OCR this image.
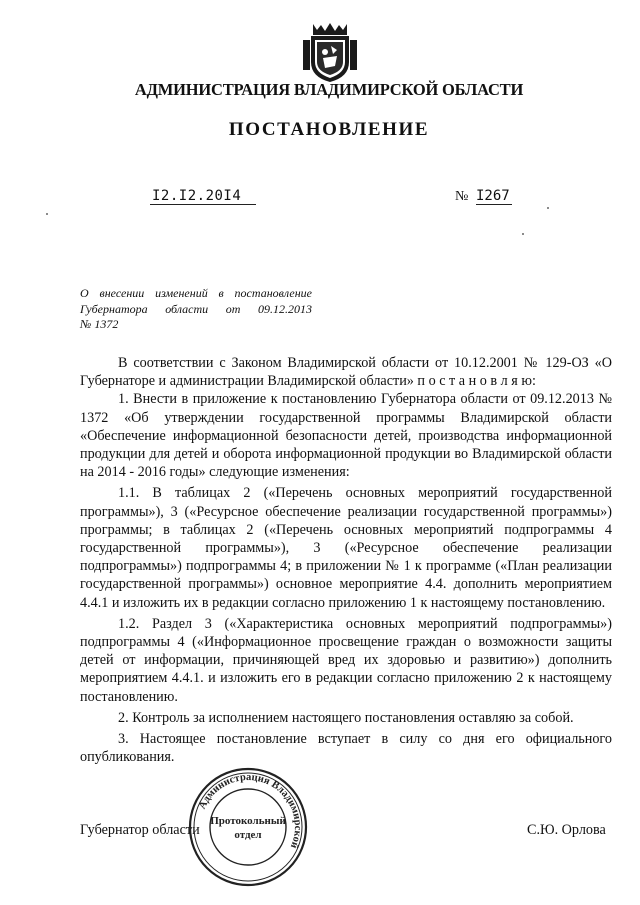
АДМИНИСТРАЦИЯ ВЛАДИМИРСКОЙ ОБЛАСТИ
ПОСТАНОВЛЕНИЕ
I2.I2.20I4	№ I267
О внесении изменений в постановление
Губернатора области от 09.12.2013
№ 1372

В соответствии с Законом Владимирской области от 10.12.2001 № 129-ОЗ «О Губернаторе и администрации Владимирской области» п о с т а н о в л я ю:

1. Внести в приложение к постановлению Губернатора области от 09.12.2013 № 1372 «Об утверждении государственной программы Владимирской области «Обеспечение информационной безопасности детей, производства информационной продукции для детей и оборота информационной продукции во Владимирской области на 2014 - 2016 годы» следующие изменения:

1.1. В таблицах 2 («Перечень основных мероприятий государственной программы»), 3 («Ресурсное обеспечение реализации государственной программы») программы; в таблицах 2 («Перечень основных мероприятий подпрограммы 4 государственной программы»), 3 («Ресурсное обеспечение реализации подпрограммы») подпрограммы 4; в приложении № 1 к программе («План реализации государственной программы») основное мероприятие 4.4. дополнить мероприятием 4.4.1 и изложить их в редакции согласно приложению 1 к настоящему постановлению.

1.2. Раздел 3 («Характеристика основных мероприятий подпрограммы») подпрограммы 4 («Информационное просвещение граждан о возможности защиты детей от информации, причиняющей вред их здоровью и развитию») дополнить мероприятием 4.4.1. и изложить его в редакции согласно приложению 2 к настоящему постановлению.

2. Контроль за исполнением настоящего постановления оставляю за собой.

3. Настоящее постановление вступает в силу со дня его официального опубликования.

Губернатор области	С.Ю. Орлова
Администрация Владимирской
Протокольный
отдел
